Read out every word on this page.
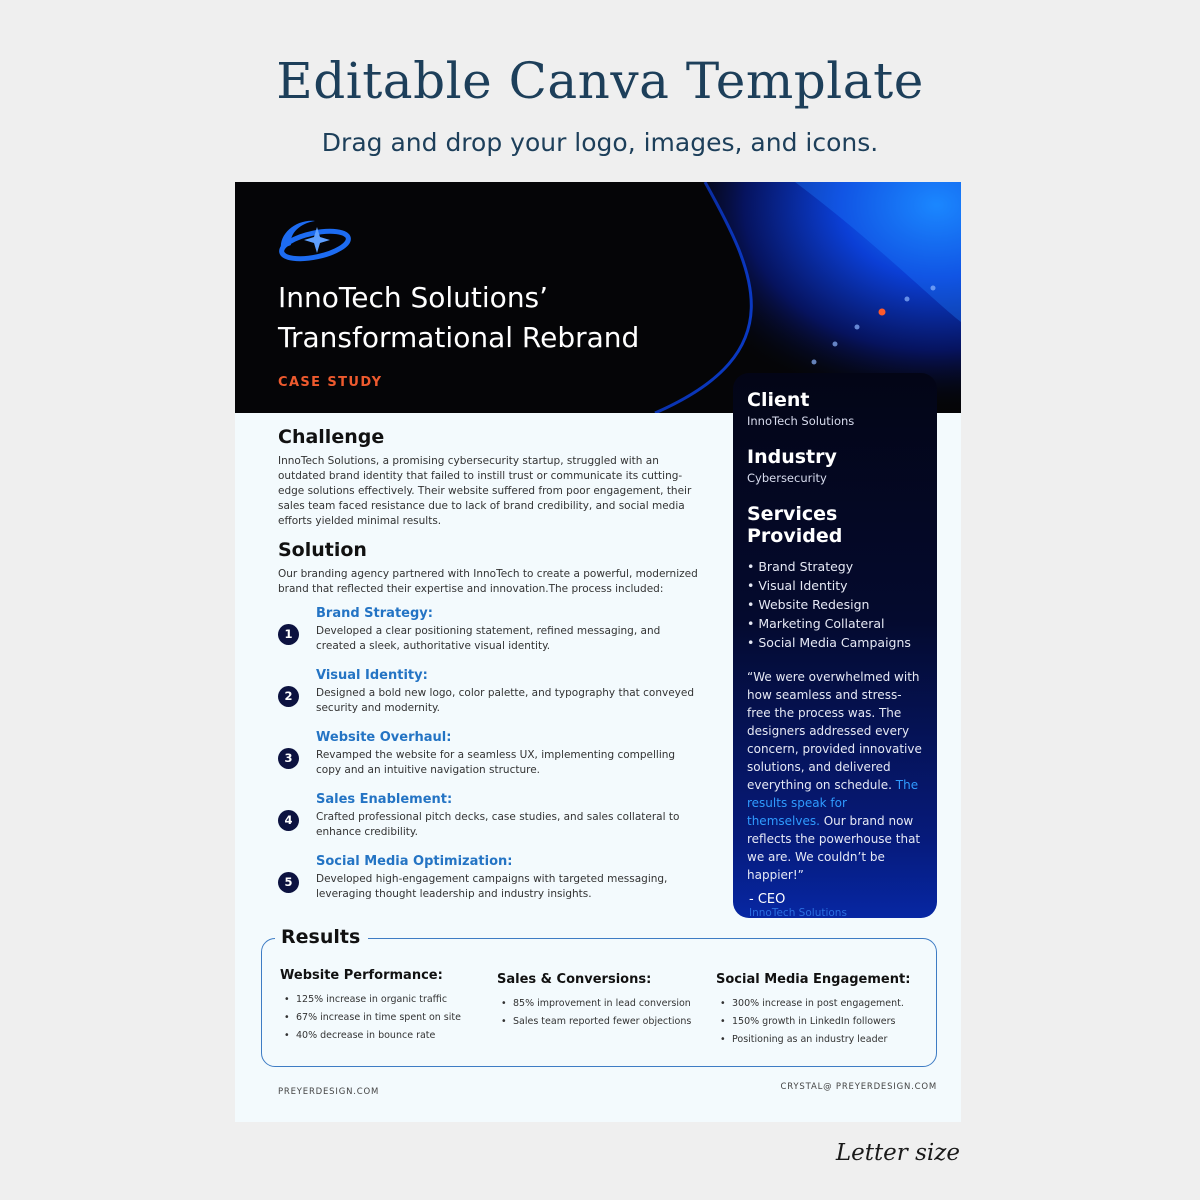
Editable Canva Template
Drag and drop your logo, images, and icons.
InnoTech Solutions’
Transformational Rebrand
CASE STUDY
Challenge
InnoTech Solutions, a promising cybersecurity startup, struggled with an outdated brand identity that failed to instill trust or communicate its cutting-edge solutions effectively. Their website suffered from poor engagement, their sales team faced resistance due to lack of brand credibility, and social media efforts yielded minimal results.
Solution
Our branding agency partnered with InnoTech to create a powerful, modernized brand that reflected their expertise and innovation.The process included:
1
Brand Strategy:
Developed a clear positioning statement, refined messaging, and created a sleek, authoritative visual identity.
2
Visual Identity:
Designed a bold new logo, color palette, and typography that conveyed security and modernity.
3
Website Overhaul:
Revamped the website for a seamless UX, implementing compelling copy and an intuitive navigation structure.
4
Sales Enablement:
Crafted professional pitch decks, case studies, and sales collateral to enhance credibility.
5
Social Media Optimization:
Developed high-engagement campaigns with targeted messaging, leveraging thought leadership and industry insights.
Client
InnoTech Solutions
Industry
Cybersecurity
Services Provided
• Brand Strategy
• Visual Identity
• Website Redesign
• Marketing Collateral
• Social Media Campaigns
“We were overwhelmed with how seamless and stress-free the process was. The designers addressed every concern, provided innovative solutions, and delivered everything on schedule. The results speak for themselves. Our brand now reflects the powerhouse that we are. We couldn’t be happier!”
- CEO
InnoTech Solutions
Results
Website Performance:
• 125% increase in organic traffic
• 67% increase in time spent on site
• 40% decrease in bounce rate
Sales & Conversions:
• 85% improvement in lead conversion
• Sales team reported fewer objections
Social Media Engagement:
• 300% increase in post engagement.
• 150% growth in LinkedIn followers
• Positioning as an industry leader
PREYERDESIGN.COM	CRYSTAL@ PREYERDESIGN.COM
Letter size
